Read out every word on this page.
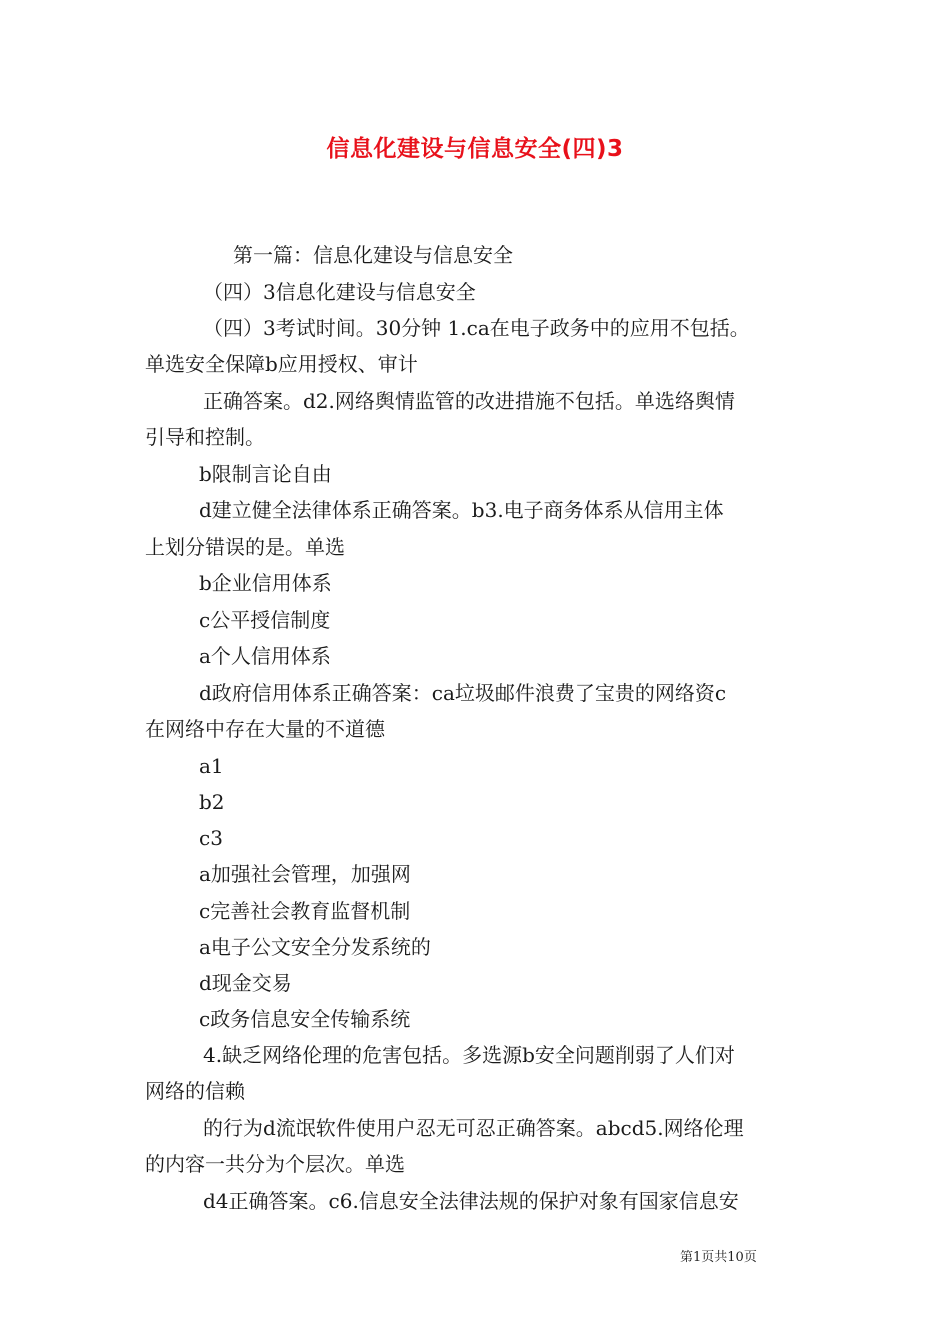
信息化建设与信息安全(四)3
第一篇：信息化建设与信息安全
（四）3信息化建设与信息安全
（四）3考试时间。30分钟 1.ca在电子政务中的应用不包括。
单选安全保障b应用授权、审计
正确答案。d2.网络舆情监管的改进措施不包括。单选络舆情
引导和控制。
b限制言论自由
d建立健全法律体系正确答案。b3.电子商务体系从信用主体
上划分错误的是。单选
b企业信用体系
c公平授信制度
a个人信用体系
d政府信用体系正确答案：ca垃圾邮件浪费了宝贵的网络资c
在网络中存在大量的不道德
a1
b2
c3
a加强社会管理，加强网
c完善社会教育监督机制
a电子公文安全分发系统的
d现金交易
c政务信息安全传输系统
4.缺乏网络伦理的危害包括。多选源b安全问题削弱了人们对
网络的信赖
的行为d流氓软件使用户忍无可忍正确答案。abcd5.网络伦理
的内容一共分为个层次。单选
d4正确答案。c6.信息安全法律法规的保护对象有国家信息安
第1页共10页
